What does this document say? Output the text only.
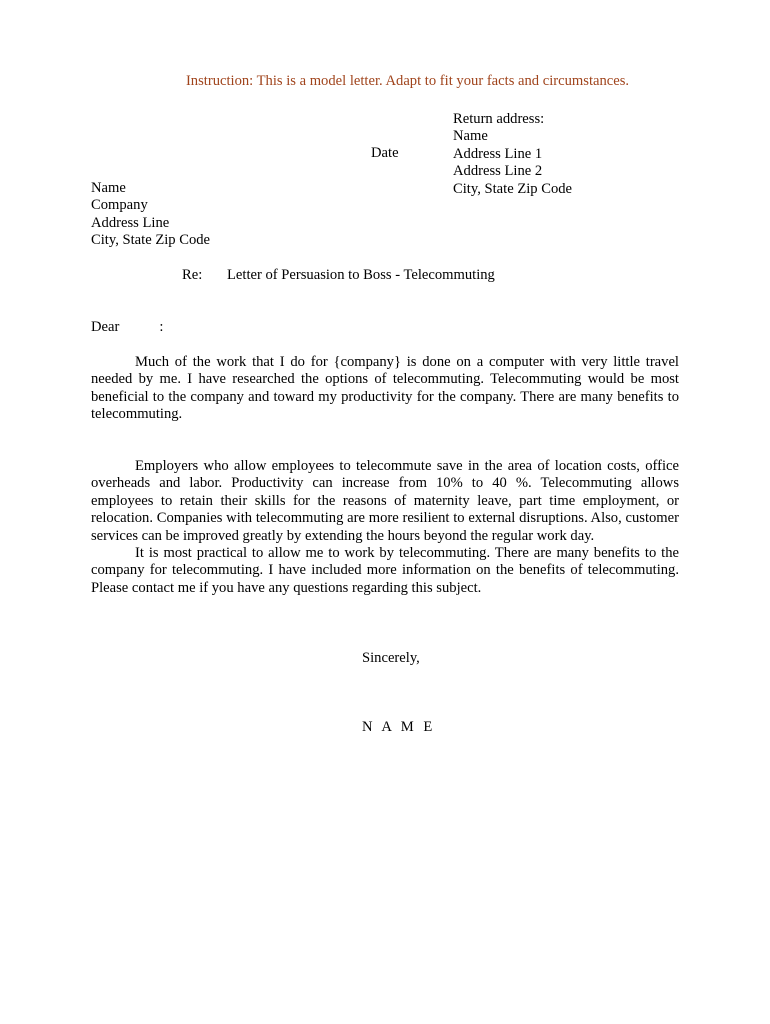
Instruction: This is a model letter. Adapt to fit your facts and circumstances.
Return address:
Name
Address Line 1
Address Line 2
City, State Zip Code
Date
Name
Company
Address Line
City, State Zip Code
Re: Letter of Persuasion to Boss - Telecommuting
Dear	:
Much of the work that I do for {company} is done on a computer with very little travel needed by me. I have researched the options of telecommuting. Telecommuting would be most beneficial to the company and toward my productivity for the company. There are many benefits to telecommuting.
Employers who allow employees to telecommute save in the area of location costs, office overheads and labor. Productivity can increase from 10% to 40 %. Telecommuting allows employees to retain their skills for the reasons of maternity leave, part time employment, or relocation. Companies with telecommuting are more resilient to external disruptions. Also, customer services can be improved greatly by extending the hours beyond the regular work day.
It is most practical to allow me to work by telecommuting. There are many benefits to the company for telecommuting. I have included more information on the benefits of telecommuting. Please contact me if you have any questions regarding this subject.
Sincerely,
N A M E
